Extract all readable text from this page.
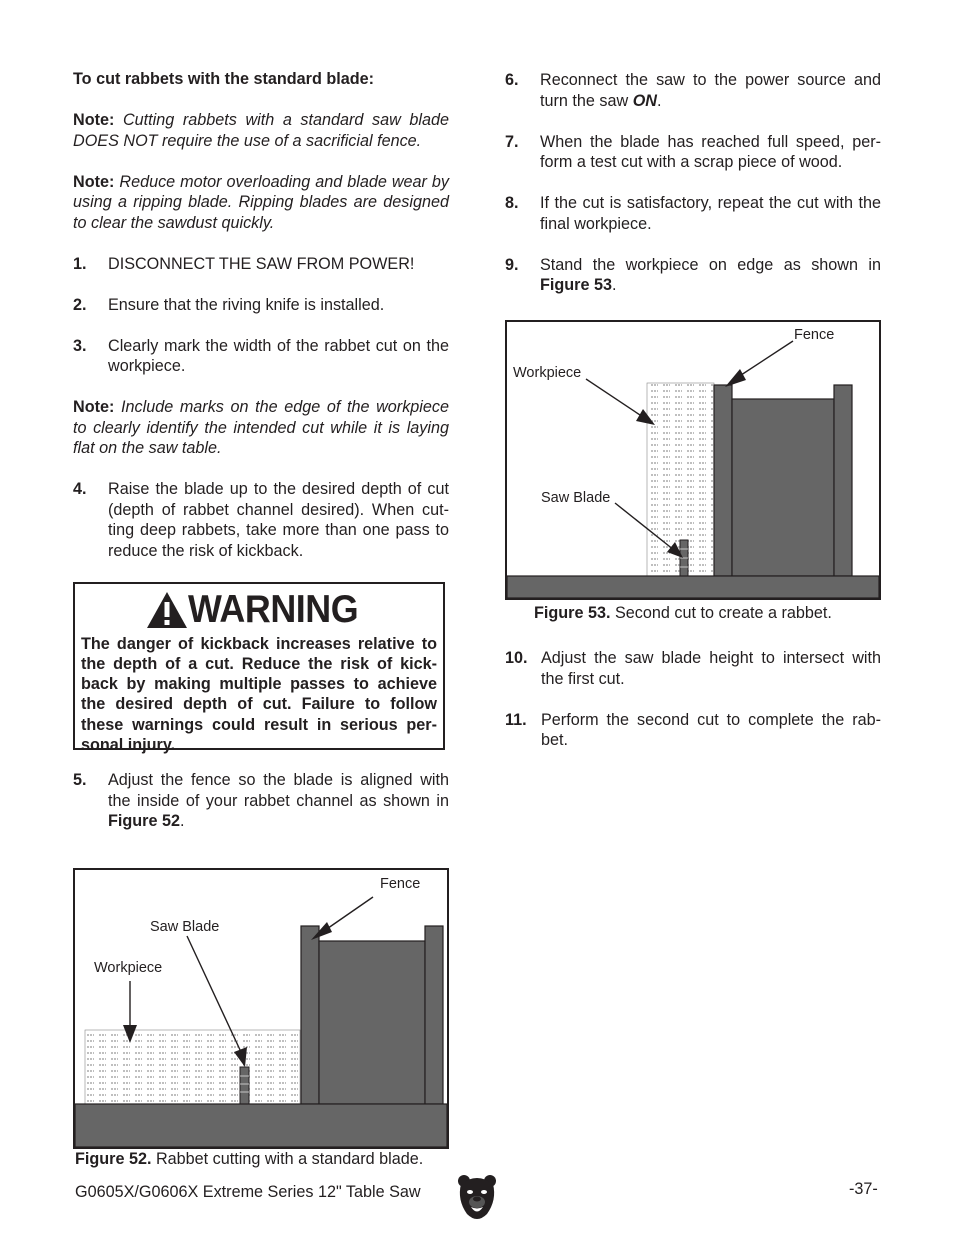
To cut rabbets with the standard blade:

Note: Cutting rabbets with a standard saw blade DOES NOT require the use of a sacrificial fence.

Note: Reduce motor overloading and blade wear by using a ripping blade. Ripping blades are designed to clear the sawdust quickly.

1.	DISCONNECT THE SAW FROM POWER!
2.	Ensure that the riving knife is installed.
3.	Clearly mark the width of the rabbet cut on the workpiece.

Note: Include marks on the edge of the workpiece to clearly identify the intended cut while it is laying flat on the saw table.

4.	Raise the blade up to the desired depth of cut (depth of rabbet channel desired). When cut-ting deep rabbets, take more than one pass to reduce the risk of kickback.
WARNING
The danger of kickback increases relative to the depth of a cut. Reduce the risk of kick-back by making multiple passes to achieve the desired depth of cut. Failure to follow these warnings could result in serious per-sonal injury.
5.	Adjust the fence so the blade is aligned with the inside of your rabbet channel as shown in Figure 52.
Fence
Saw Blade
Workpiece
Figure 52. Rabbet cutting with a standard blade.
6.	Reconnect the saw to the power source and turn the saw ON.
7.	When the blade has reached full speed, per-form a test cut with a scrap piece of wood.
8.	If the cut is satisfactory, repeat the cut with the final workpiece.
9.	Stand the workpiece on edge as shown in Figure 53.
Fence
Workpiece
Saw Blade
Figure 53. Second cut to create a rabbet.
10. Adjust the saw blade height to intersect with the first cut.
11. Perform the second cut to complete the rab-bet.
G0605X/G0606X Extreme Series 12" Table Saw	-37-
